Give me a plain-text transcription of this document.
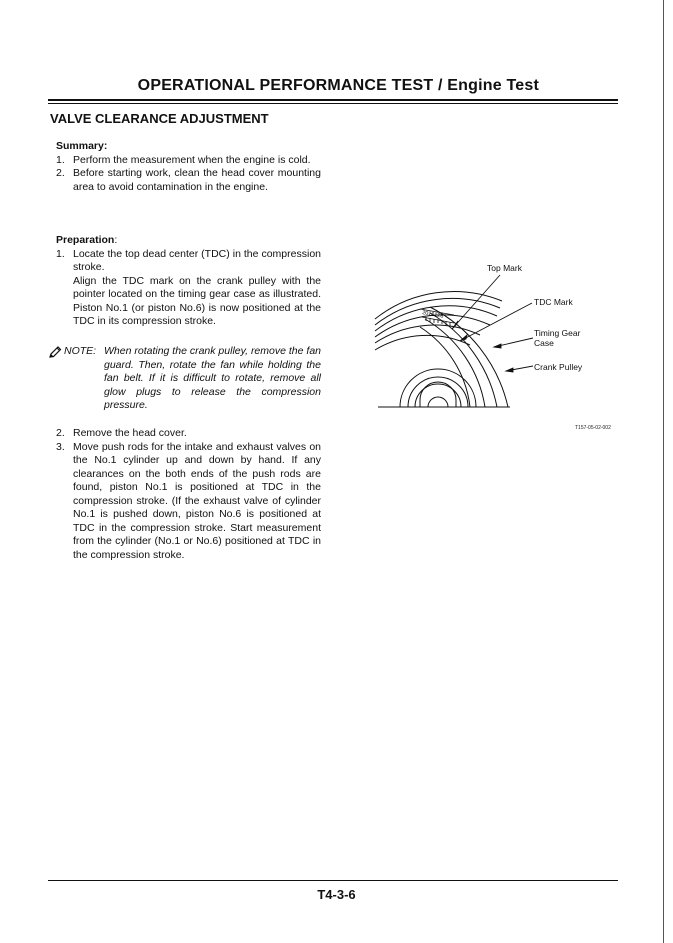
OPERATIONAL PERFORMANCE TEST / Engine Test
VALVE CLEARANCE ADJUSTMENT
Summary:
1. Perform the measurement when the engine is cold.
2. Before starting work, clean the head cover mounting area to avoid contamination in the engine.
Preparation:
1. Locate the top dead center (TDC) in the compression stroke.
Align the TDC mark on the crank pulley with the pointer located on the timing gear case as illustrated. Piston No.1 (or piston No.6) is now positioned at the TDC in its compression stroke.
NOTE: When rotating the crank pulley, remove the fan guard. Then, rotate the fan while holding the fan belt. If it is difficult to rotate, remove all glow plugs to release the compression pressure.
2. Remove the head cover.
3. Move push rods for the intake and exhaust valves on the No.1 cylinder up and down by hand. If any clearances on the both ends of the push rods are found, piston No.1 is positioned at TDC in the compression stroke. (If the exhaust valve of cylinder No.1 is pushed down, piston No.6 is positioned at TDC in the compression stroke. Start measurement from the cylinder (No.1 or No.6) positioned at TDC in the compression stroke.
2016128
Top Mark
TDC Mark
Timing Gear
Case
Crank Pulley
T157-05-02-002
T4-3-6
